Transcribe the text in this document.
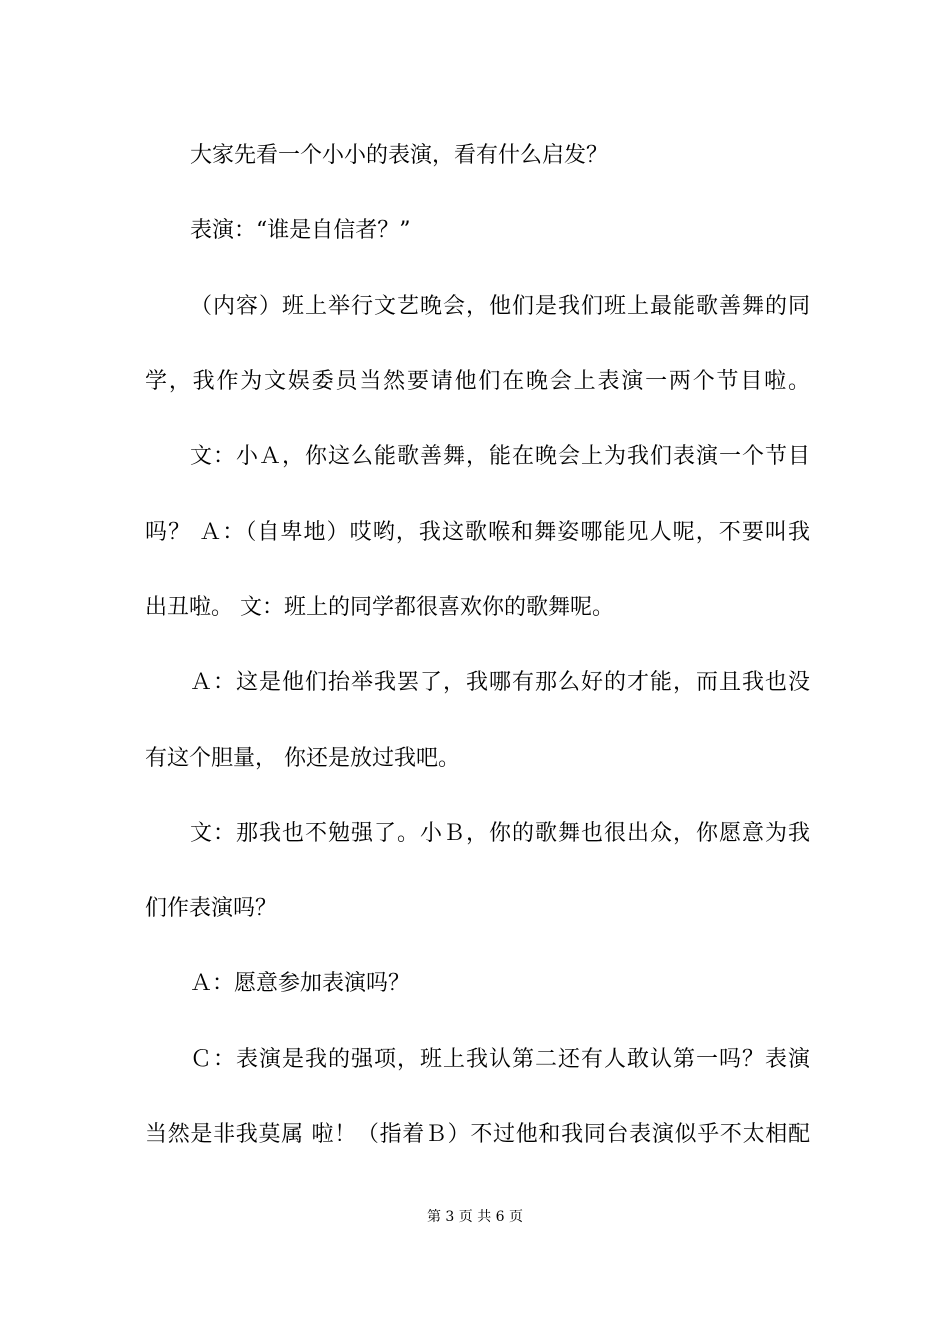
大家先看一个小小的表演，看有什么启发？
表演：“谁是自信者？”
（内容）班上举行文艺晚会，他们是我们班上最能歌善舞的同
学，我作为文娱委员当然要请他们在晚会上表演一两个节目啦。
文：小Ａ，你这么能歌善舞，能在晚会上为我们表演一个节目
吗？ Ａ：（自卑地）哎哟，我这歌喉和舞姿哪能见人呢，不要叫我
出丑啦。 文：班上的同学都很喜欢你的歌舞呢。
Ａ：这是他们抬举我罢了，我哪有那么好的才能，而且我也没
有这个胆量， 你还是放过我吧。
文：那我也不勉强了。小Ｂ，你的歌舞也很出众，你愿意为我
们作表演吗？
Ａ：愿意参加表演吗？
Ｃ：表演是我的强项，班上我认第二还有人敢认第一吗？表演
当然是非我莫属 啦！（指着Ｂ）不过他和我同台表演似乎不太相配
第 3 页 共 6 页
